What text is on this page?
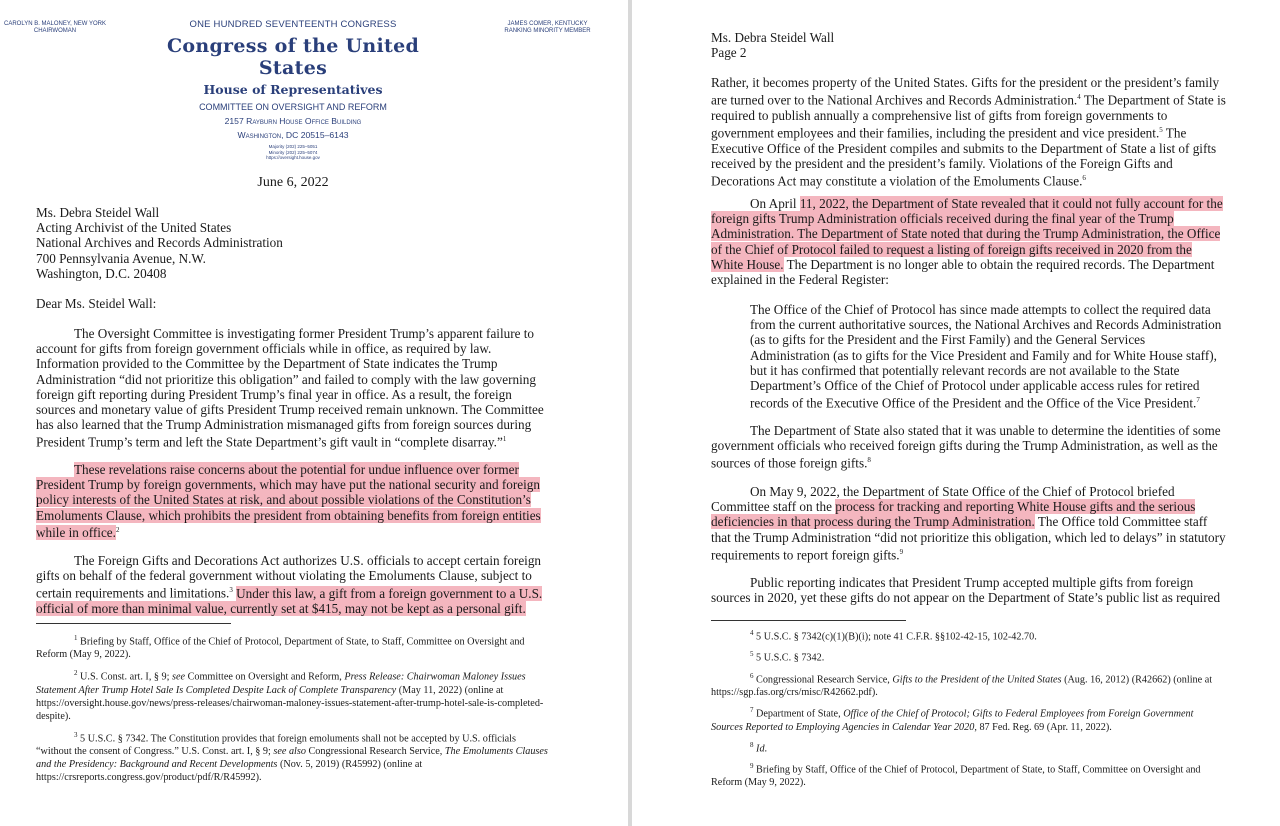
CAROLYN B. MALONEY, NEW YORK
CHAIRWOMAN
JAMES COMER, KENTUCKY
RANKING MINORITY MEMBER
ONE HUNDRED SEVENTEENTH CONGRESS
Congress of the United States
House of Representatives
COMMITTEE ON OVERSIGHT AND REFORM
2157 Rayburn House Office Building
Washington, DC 20515–6143
Majority (202) 225–5051
Minority (202) 225–5074
https://oversight.house.gov
June 6, 2022
Ms. Debra Steidel Wall
Acting Archivist of the United States
National Archives and Records Administration
700 Pennsylvania Avenue, N.W.
Washington, D.C. 20408
Dear Ms. Steidel Wall:

The Oversight Committee is investigating former President Trump’s apparent failure to account for gifts from foreign government officials while in office, as required by law. Information provided to the Committee by the Department of State indicates the Trump Administration “did not prioritize this obligation” and failed to comply with the law governing foreign gift reporting during President Trump’s final year in office. As a result, the foreign sources and monetary value of gifts President Trump received remain unknown. The Committee has also learned that the Trump Administration mismanaged gifts from foreign sources during President Trump’s term and left the State Department’s gift vault in “complete disarray.”$^1$

These revelations raise concerns about the potential for undue influence over former President Trump by foreign governments, which may have put the national security and foreign policy interests of the United States at risk, and about possible violations of the Constitution’s Emoluments Clause, which prohibits the president from obtaining benefits from foreign entities while in office.$^2$

The Foreign Gifts and Decorations Act authorizes U.S. officials to accept certain foreign gifts on behalf of the federal government without violating the Emoluments Clause, subject to certain requirements and limitations.$^3$ Under this law, a gift from a foreign government to a U.S. official of more than minimal value, currently set at $415, may not be kept as a personal gift.

$^1$ Briefing by Staff, Office of the Chief of Protocol, Department of State, to Staff, Committee on Oversight and Reform (May 9, 2022).

$^2$ U.S. Const. art. I, § 9; see Committee on Oversight and Reform, Press Release: Chairwoman Maloney Issues Statement After Trump Hotel Sale Is Completed Despite Lack of Complete Transparency (May 11, 2022) (online at https://oversight.house.gov/news/press-releases/chairwoman-maloney-issues-statement-after-trump-hotel-sale-is-completed-despite).

$^3$ 5 U.S.C. § 7342. The Constitution provides that foreign emoluments shall not be accepted by U.S. officials “without the consent of Congress.” U.S. Const. art. I, § 9; see also Congressional Research Service, The Emoluments Clauses and the Presidency: Background and Recent Developments (Nov. 5, 2019) (R45992) (online at https://crsreports.congress.gov/product/pdf/R/R45992).

Ms. Debra Steidel Wall
Page 2

Rather, it becomes property of the United States. Gifts for the president or the president’s family are turned over to the National Archives and Records Administration.$^4$ The Department of State is required to publish annually a comprehensive list of gifts from foreign governments to government employees and their families, including the president and vice president.$^5$ The Executive Office of the President compiles and submits to the Department of State a list of gifts received by the president and the president’s family. Violations of the Foreign Gifts and Decorations Act may constitute a violation of the Emoluments Clause.$^6$

On April 11, 2022, the Department of State revealed that it could not fully account for the foreign gifts Trump Administration officials received during the final year of the Trump Administration. The Department of State noted that during the Trump Administration, the Office of the Chief of Protocol failed to request a listing of foreign gifts received in 2020 from the White House. The Department is no longer able to obtain the required records. The Department explained in the Federal Register:

The Office of the Chief of Protocol has since made attempts to collect the required data from the current authoritative sources, the National Archives and Records Administration (as to gifts for the President and the First Family) and the General Services Administration (as to gifts for the Vice President and Family and for White House staff), but it has confirmed that potentially relevant records are not available to the State Department’s Office of the Chief of Protocol under applicable access rules for retired records of the Executive Office of the President and the Office of the Vice President.$^7$

The Department of State also stated that it was unable to determine the identities of some government officials who received foreign gifts during the Trump Administration, as well as the sources of those foreign gifts.$^8$

On May 9, 2022, the Department of State Office of the Chief of Protocol briefed Committee staff on the process for tracking and reporting White House gifts and the serious deficiencies in that process during the Trump Administration. The Office told Committee staff that the Trump Administration “did not prioritize this obligation, which led to delays” in statutory requirements to report foreign gifts.$^9$

Public reporting indicates that President Trump accepted multiple gifts from foreign sources in 2020, yet these gifts do not appear on the Department of State’s public list as required

$^4$ 5 U.S.C. § 7342(c)(1)(B)(i); note 41 C.F.R. §§102-42-15, 102-42.70.

$^5$ 5 U.S.C. § 7342.

$^6$ Congressional Research Service, Gifts to the President of the United States (Aug. 16, 2012) (R42662) (online at https://sgp.fas.org/crs/misc/R42662.pdf).

$^7$ Department of State, Office of the Chief of Protocol; Gifts to Federal Employees from Foreign Government Sources Reported to Employing Agencies in Calendar Year 2020, 87 Fed. Reg. 69 (Apr. 11, 2022).

$^8$ Id.

$^9$ Briefing by Staff, Office of the Chief of Protocol, Department of State, to Staff, Committee on Oversight and Reform (May 9, 2022).
